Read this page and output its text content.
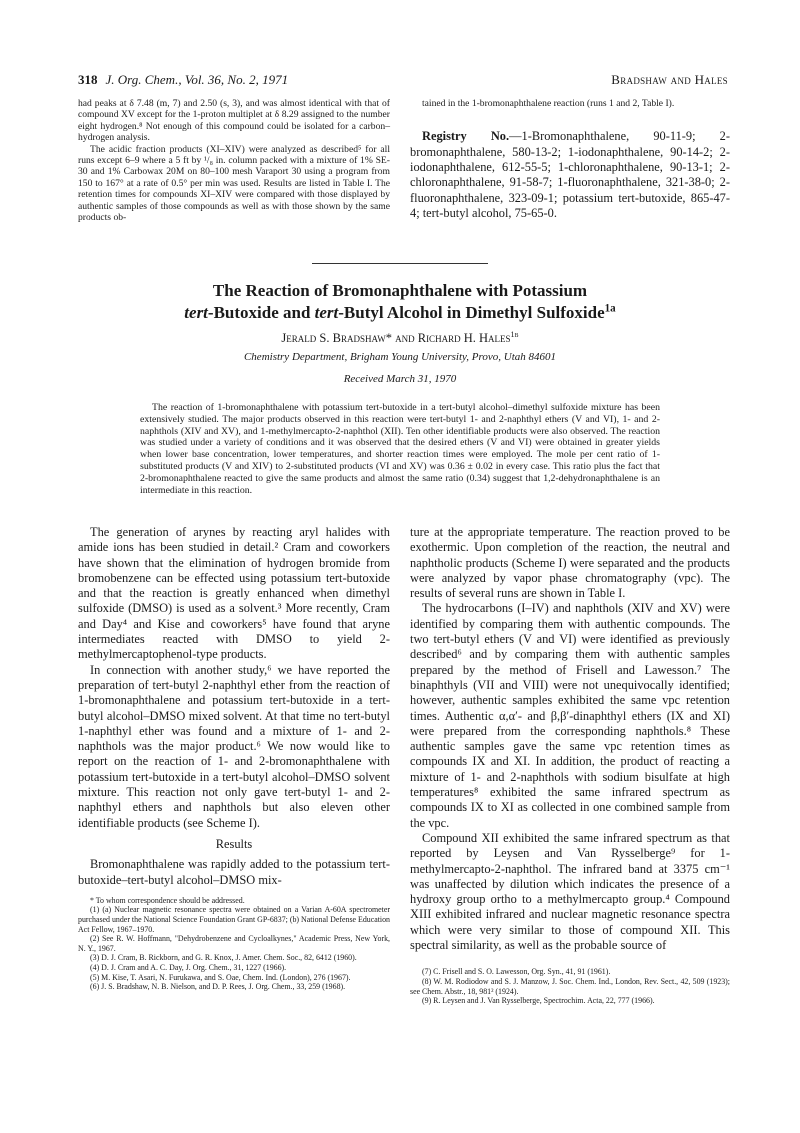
318 J. Org. Chem., Vol. 36, No. 2, 1971	Bradshaw and Hales

had peaks at δ 7.48 (m, 7) and 2.50 (s, 3), and was almost identical with that of compound XV except for the 1-proton multiplet at δ 8.29 assigned to the number eight hydrogen.⁸ Not enough of this compound could be isolated for a carbon–hydrogen analysis.

The acidic fraction products (XI–XIV) were analyzed as described⁵ for all runs except 6–9 where a 5 ft by ¹/₈ in. column packed with a mixture of 1% SE-30 and 1% Carbowax 20M on 80–100 mesh Varaport 30 using a program from 150 to 167° at a rate of 0.5° per min was used. Results are listed in Table I. The retention times for compounds XI–XIV were compared with those displayed by authentic samples of those compounds as well as with those shown by the same products ob-

tained in the 1-bromonaphthalene reaction (runs 1 and 2, Table I).

Registry No.—1-Bromonaphthalene, 90-11-9; 2-bromonaphthalene, 580-13-2; 1-iodonaphthalene, 90-14-2; 2-iodonaphthalene, 612-55-5; 1-chloronaphthalene, 90-13-1; 2-chloronaphthalene, 91-58-7; 1-fluoronaphthalene, 321-38-0; 2-fluoronaphthalene, 323-09-1; potassium tert-butoxide, 865-47-4; tert-butyl alcohol, 75-65-0.

The Reaction of Bromonaphthalene with Potassium
tert-Butoxide and tert-Butyl Alcohol in Dimethyl Sulfoxide$^{1a}$
Jerald S. Bradshaw* and Richard H. Hales$^{1b}$
Chemistry Department, Brigham Young University, Provo, Utah 84601
Received March 31, 1970

The reaction of 1-bromonaphthalene with potassium tert-butoxide in a tert-butyl alcohol–dimethyl sulfoxide mixture has been extensively studied. The major products observed in this reaction were tert-butyl 1- and 2-naphthyl ethers (V and VI), 1- and 2-naphthols (XIV and XV), and 1-methylmercapto-2-naphthol (XII). Ten other identifiable products were also observed. The reaction was studied under a variety of conditions and it was observed that the desired ethers (V and VI) were obtained in greater yields when lower base concentration, lower temperatures, and shorter reaction times were employed. The mole per cent ratio of 1-substituted products (V and XIV) to 2-substituted products (VI and XV) was 0.36 ± 0.02 in every case. This ratio plus the fact that 2-bromonaphthalene reacted to give the same products and almost the same ratio (0.34) suggest that 1,2-dehydronaphthalene is an intermediate in this reaction.

The generation of arynes by reacting aryl halides with amide ions has been studied in detail.² Cram and coworkers have shown that the elimination of hydrogen bromide from bromobenzene can be effected using potassium tert-butoxide and that the reaction is greatly enhanced when dimethyl sulfoxide (DMSO) is used as a solvent.³ More recently, Cram and Day⁴ and Kise and coworkers⁵ have found that aryne intermediates reacted with DMSO to yield 2-methylmercaptophenol-type products.

In connection with another study,⁶ we have reported the preparation of tert-butyl 2-naphthyl ether from the reaction of 1-bromonaphthalene and potassium tert-butoxide in a tert-butyl alcohol–DMSO mixed solvent. At that time no tert-butyl 1-naphthyl ether was found and a mixture of 1- and 2-naphthols was the major product.⁶ We now would like to report on the reaction of 1- and 2-bromonaphthalene with potassium tert-butoxide in a tert-butyl alcohol–DMSO solvent mixture. This reaction not only gave tert-butyl 1- and 2-naphthyl ethers and naphthols but also eleven other identifiable products (see Scheme I).

Results

Bromonaphthalene was rapidly added to the potassium tert-butoxide–tert-butyl alcohol–DMSO mix-

* To whom correspondence should be addressed.

(1) (a) Nuclear magnetic resonance spectra were obtained on a Varian A-60A spectrometer purchased under the National Science Foundation Grant GP-6837; (b) National Defense Education Act Fellow, 1967–1970.

(2) See R. W. Hoffmann, "Dehydrobenzene and Cycloalkynes," Academic Press, New York, N. Y., 1967.

(3) D. J. Cram, B. Rickborn, and G. R. Knox, J. Amer. Chem. Soc., 82, 6412 (1960).

(4) D. J. Cram and A. C. Day, J. Org. Chem., 31, 1227 (1966).

(5) M. Kise, T. Asari, N. Furukawa, and S. Oae, Chem. Ind. (London), 276 (1967).

(6) J. S. Bradshaw, N. B. Nielson, and D. P. Rees, J. Org. Chem., 33, 259 (1968).

ture at the appropriate temperature. The reaction proved to be exothermic. Upon completion of the reaction, the neutral and naphtholic products (Scheme I) were separated and the products were analyzed by vapor phase chromatography (vpc). The results of several runs are shown in Table I.

The hydrocarbons (I–IV) and naphthols (XIV and XV) were identified by comparing them with authentic compounds. The two tert-butyl ethers (V and VI) were identified as previously described⁶ and by comparing them with authentic samples prepared by the method of Frisell and Lawesson.⁷ The binaphthyls (VII and VIII) were not unequivocally identified; however, authentic samples exhibited the same vpc retention times. Authentic α,α′- and β,β′-dinaphthyl ethers (IX and XI) were prepared from the corresponding naphthols.⁸ These authentic samples gave the same vpc retention times as compounds IX and XI. In addition, the product of reacting a mixture of 1- and 2-naphthols with sodium bisulfate at high temperatures⁸ exhibited the same infrared spectrum as compounds IX to XI as collected in one combined sample from the vpc.

Compound XII exhibited the same infrared spectrum as that reported by Leysen and Van Rysselberge⁹ for 1-methylmercapto-2-naphthol. The infrared band at 3375 cm⁻¹ was unaffected by dilution which indicates the presence of a hydroxy group ortho to a methylmercapto group.⁴ Compound XIII exhibited infrared and nuclear magnetic resonance spectra which were very similar to those of compound XII. This spectral similarity, as well as the probable source of

(7) C. Frisell and S. O. Lawesson, Org. Syn., 41, 91 (1961).

(8) W. M. Rodiodow and S. J. Manzow, J. Soc. Chem. Ind., London, Rev. Sect., 42, 509 (1923); see Chem. Abstr., 18, 981² (1924).

(9) R. Leysen and J. Van Rysselberge, Spectrochim. Acta, 22, 777 (1966).
